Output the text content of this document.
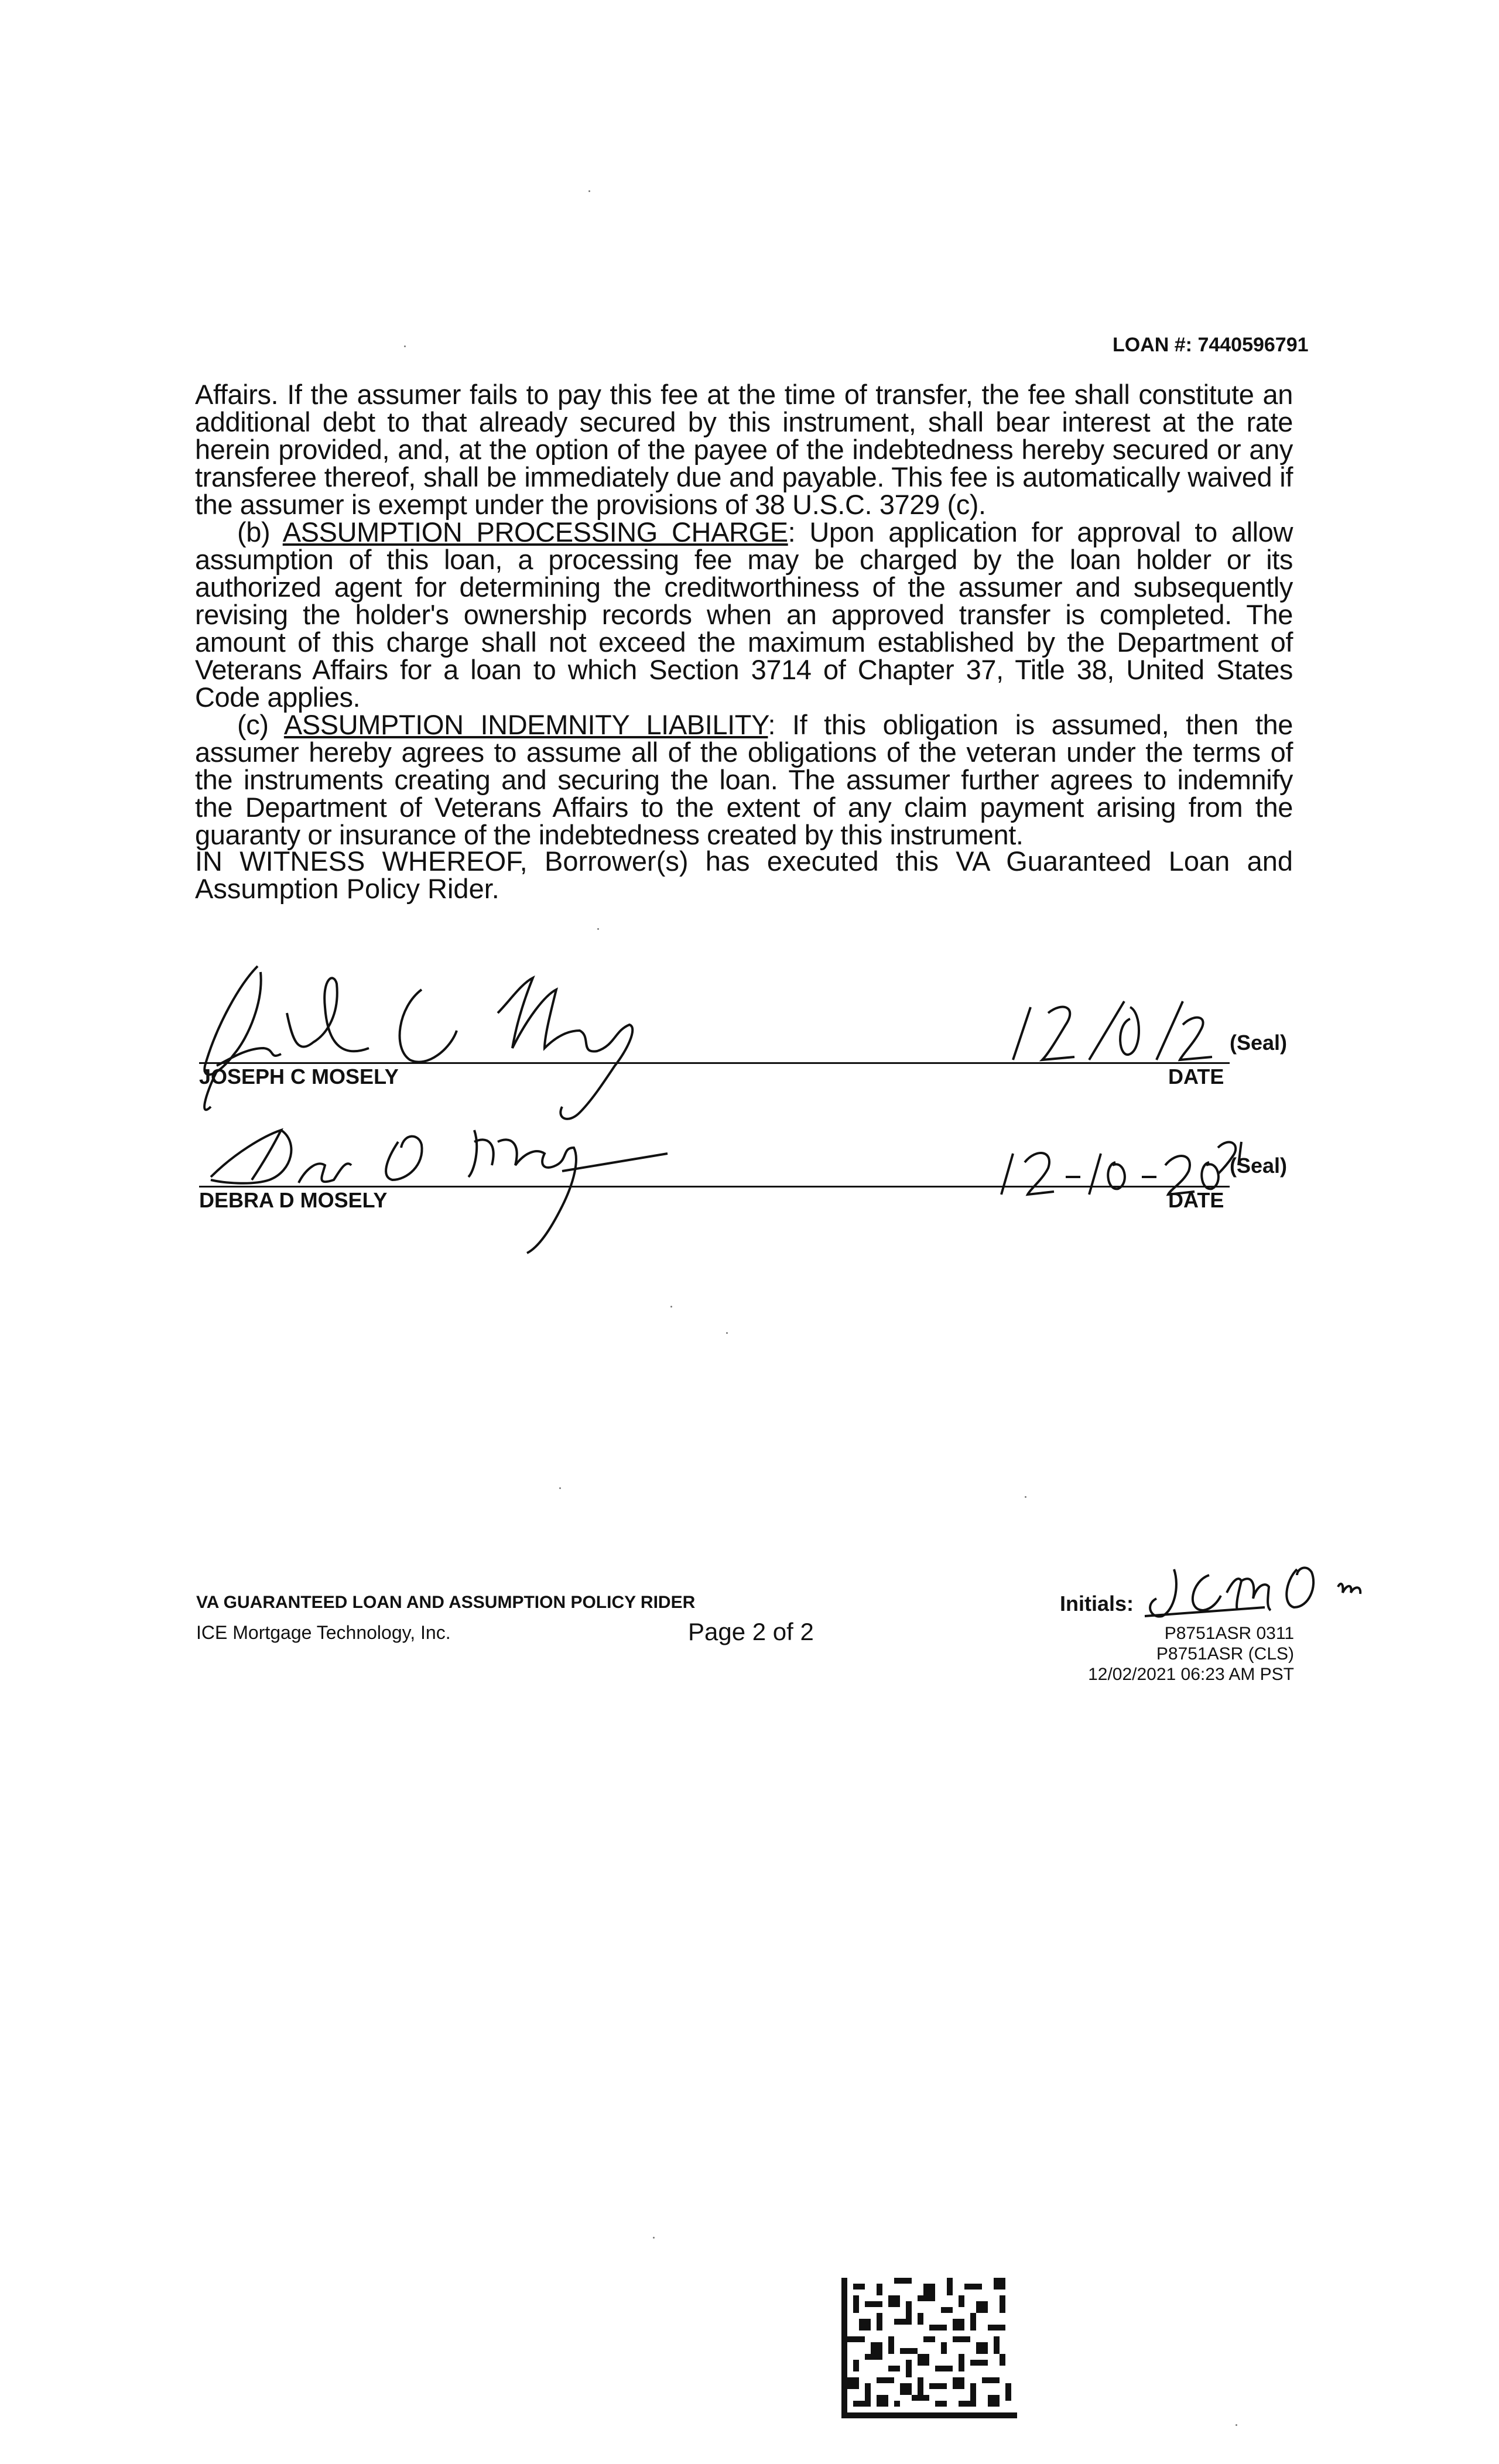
LOAN #: 7440596791

Affairs. If the assumer fails to pay this fee at the time of transfer, the fee shall constitute an additional debt to that already secured by this instrument, shall bear interest at the rate herein provided, and, at the option of the payee of the indebtedness hereby secured or any transferee thereof, shall be immediately due and payable. This fee is automatically waived if the assumer is exempt under the provisions of 38 U.S.C. 3729 (c).

(b) ASSUMPTION PROCESSING CHARGE: Upon application for approval to allow assumption of this loan, a processing fee may be charged by the loan holder or its authorized agent for determining the creditworthiness of the assumer and subsequently revising the holder's ownership records when an approved transfer is completed. The amount of this charge shall not exceed the maximum established by the Department of Veterans Affairs for a loan to which Section 3714 of Chapter 37, Title 38, United States Code applies.

(c) ASSUMPTION INDEMNITY LIABILITY: If this obligation is assumed, then the assumer hereby agrees to assume all of the obligations of the veteran under the terms of the instruments creating and securing the loan. The assumer further agrees to indemnify the Department of Veterans Affairs to the extent of any claim payment arising from the guaranty or insurance of the indebtedness created by this instrument.

IN WITNESS WHEREOF, Borrower(s) has executed this VA Guaranteed Loan and Assumption Policy Rider.
JOSEPH C MOSELY	DATE
(Seal)
DEBRA D MOSELY	DATE
(Seal)
VA GUARANTEED LOAN AND ASSUMPTION POLICY RIDER
ICE Mortgage Technology, Inc.	Page 2 of 2
Initials:
P8751ASR 0311
P8751ASR (CLS)
12/02/2021 06:23 AM PST
